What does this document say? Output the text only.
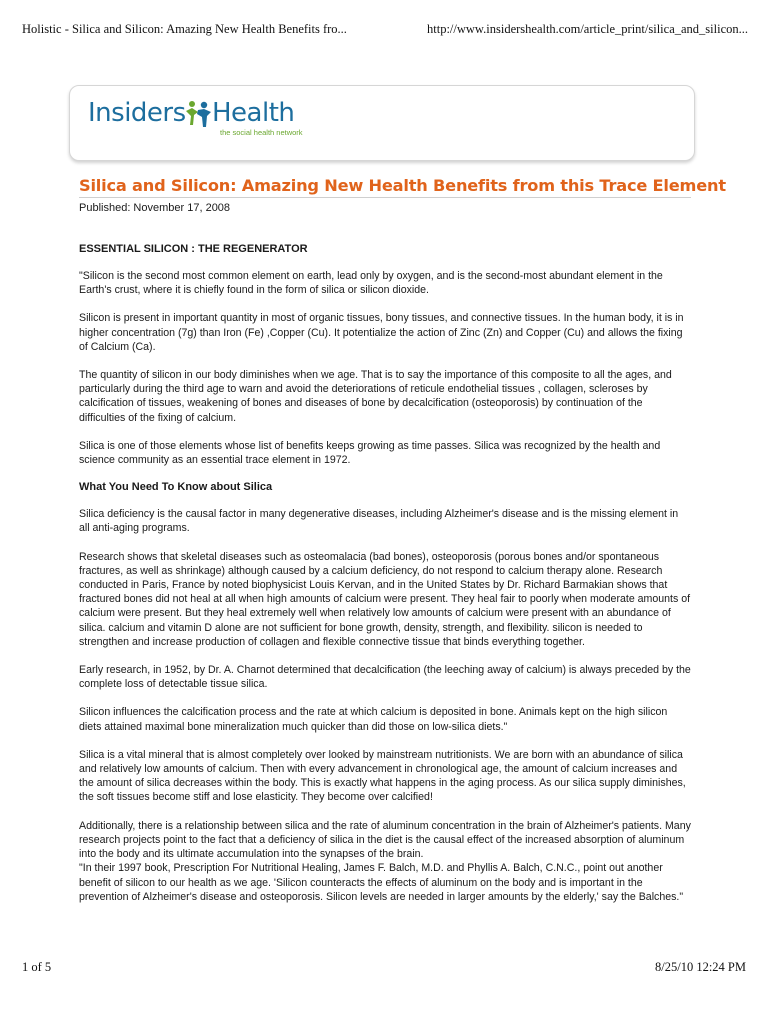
Holistic - Silica and Silicon: Amazing New Health Benefits fro...	http://www.insidershealth.com/article_print/silica_and_silicon...
Insiders Health
the social health network
Silica and Silicon: Amazing New Health Benefits from this Trace Element
Published: November 17, 2008
ESSENTIAL SILICON : THE REGENERATOR

"Silicon is the second most common element on earth, lead only by oxygen, and is the second-most abundant element in the Earth's crust, where it is chiefly found in the form of silica or silicon dioxide.

Silicon is present in important quantity in most of organic tissues, bony tissues, and connective tissues. In the human body, it is in higher concentration (7g) than Iron (Fe) ,Copper (Cu). It potentialize the action of Zinc (Zn) and Copper (Cu) and allows the fixing of Calcium (Ca).

The quantity of silicon in our body diminishes when we age. That is to say the importance of this composite to all the ages, and particularly during the third age to warn and avoid the deteriorations of reticule endothelial tissues , collagen, scleroses by calcification of tissues, weakening of bones and diseases of bone by decalcification (osteoporosis) by continuation of the difficulties of the fixing of calcium.

Silica is one of those elements whose list of benefits keeps growing as time passes. Silica was recognized by the health and science community as an essential trace element in 1972.

What You Need To Know about Silica

Silica deficiency is the causal factor in many degenerative diseases, including Alzheimer's disease and is the missing element in all anti-aging programs.

Research shows that skeletal diseases such as osteomalacia (bad bones), osteoporosis (porous bones and/or spontaneous fractures, as well as shrinkage) although caused by a calcium deficiency, do not respond to calcium therapy alone. Research conducted in Paris, France by noted biophysicist Louis Kervan, and in the United States by Dr. Richard Barmakian shows that fractured bones did not heal at all when high amounts of calcium were present. They heal fair to poorly when moderate amounts of calcium were present. But they heal extremely well when relatively low amounts of calcium were present with an abundance of silica. calcium and vitamin D alone are not sufficient for bone growth, density, strength, and flexibility. silicon is needed to strengthen and increase production of collagen and flexible connective tissue that binds everything together.

Early research, in 1952, by Dr. A. Charnot determined that decalcification (the leeching away of calcium) is always preceded by the complete loss of detectable tissue silica.

Silicon influences the calcification process and the rate at which calcium is deposited in bone. Animals kept on the high silicon diets attained maximal bone mineralization much quicker than did those on low-silica diets."

Silica is a vital mineral that is almost completely over looked by mainstream nutritionists. We are born with an abundance of silica and relatively low amounts of calcium. Then with every advancement in chronological age, the amount of calcium increases and the amount of silica decreases within the body. This is exactly what happens in the aging process. As our silica supply diminishes, the soft tissues become stiff and lose elasticity. They become over calcified!

Additionally, there is a relationship between silica and the rate of aluminum concentration in the brain of Alzheimer's patients. Many research projects point to the fact that a deficiency of silica in the diet is the causal effect of the increased absorption of aluminum into the body and its ultimate accumulation into the synapses of the brain.

"In their 1997 book, Prescription For Nutritional Healing, James F. Balch, M.D. and Phyllis A. Balch, C.N.C., point out another benefit of silicon to our health as we age. 'Silicon counteracts the effects of aluminum on the body and is important in the prevention of Alzheimer's disease and osteoporosis. Silicon levels are needed in larger amounts by the elderly,' say the Balches."

1 of 5	8/25/10 12:24 PM
